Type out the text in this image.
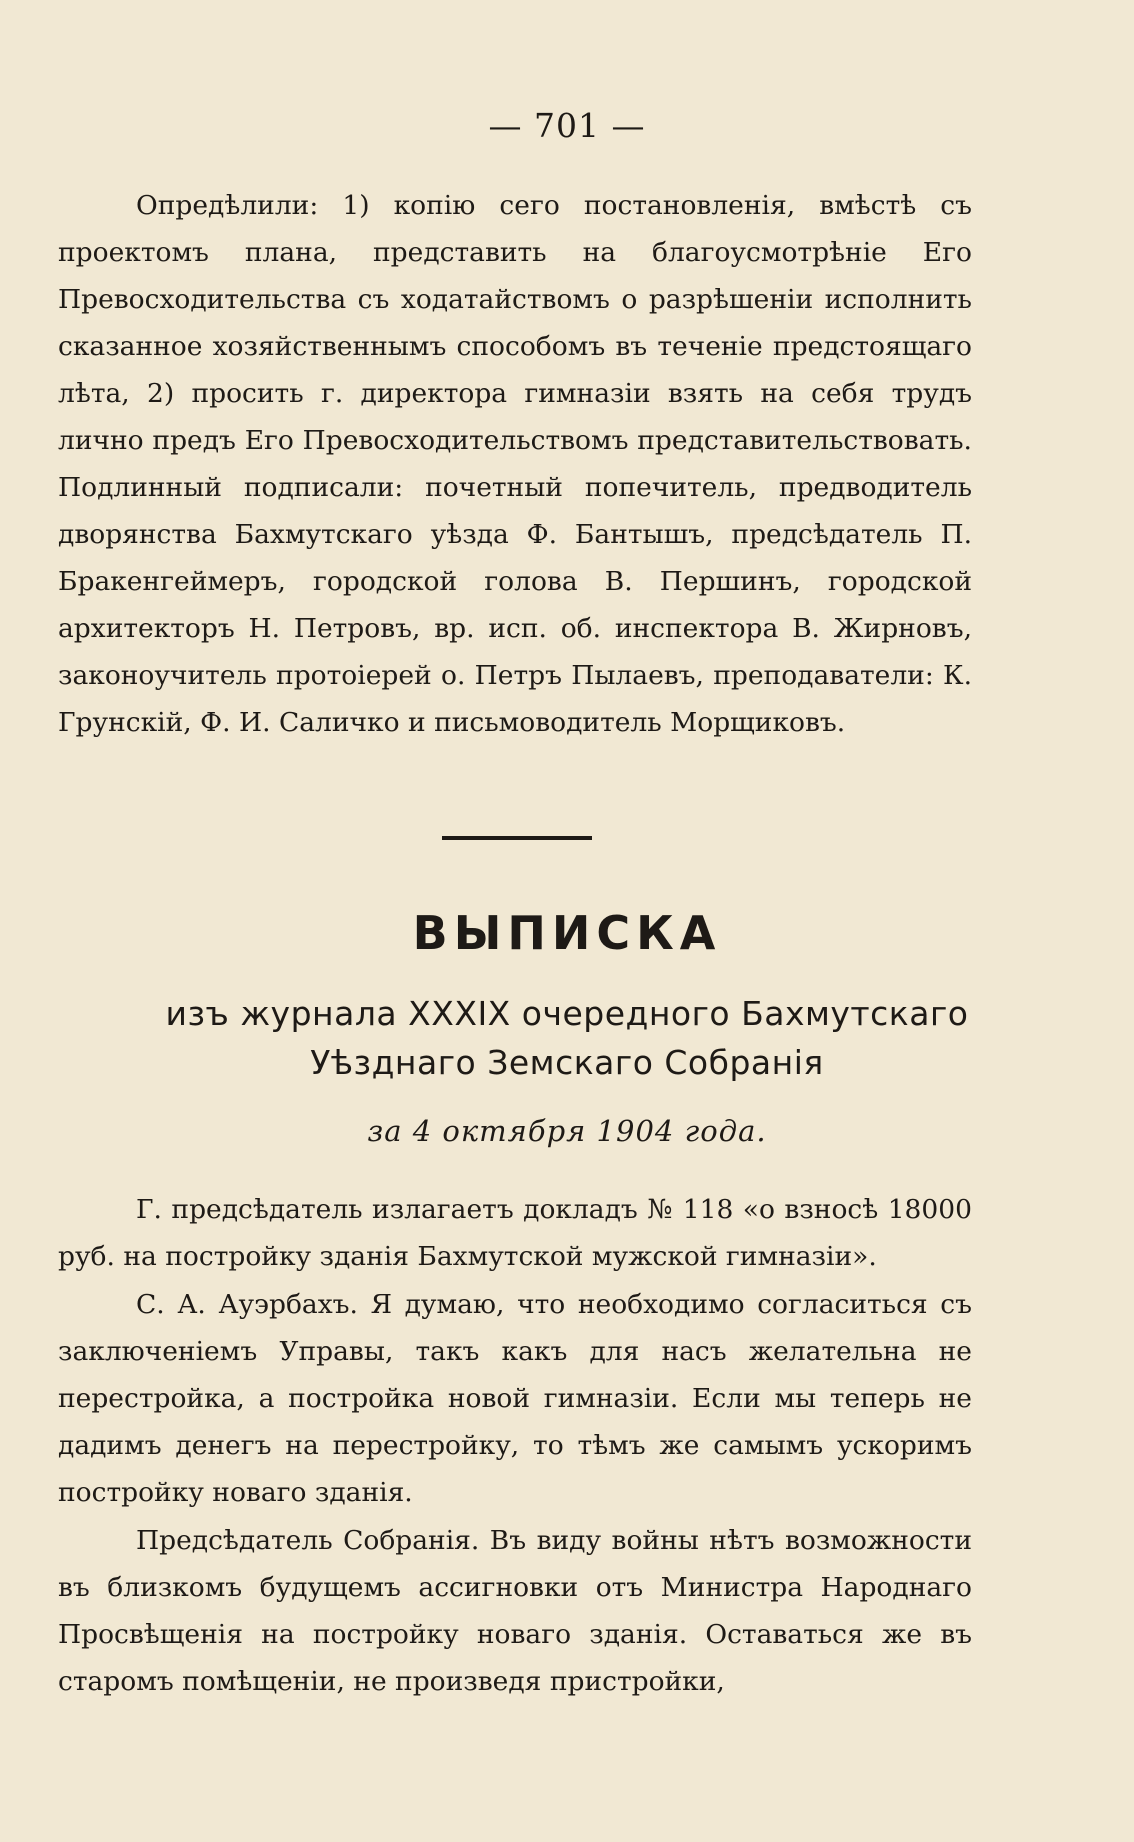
— 701 —

Опредѣлили: 1) копію сего постановленія, вмѣстѣ съ проектомъ плана, представить на благоусмотрѣніе Его Превосходительства съ ходатайствомъ о разрѣшеніи исполнить сказанное хозяйственнымъ способомъ въ теченіе предстоящаго лѣта, 2) просить г. директора гимназіи взять на себя трудъ лично предъ Его Превосходительствомъ представительствовать. Подлинный подписали: почетный попечитель, предводитель дворянства Бахмутскаго уѣзда Ф. Бантышъ, предсѣдатель П. Бракенгеймеръ, городской голова В. Першинъ, городской архитекторъ Н. Петровъ, вр. исп. об. инспектора В. Жирновъ, законоучитель протоіерей о. Петръ Пылаевъ, преподаватели: К. Грунскій, Ф. И. Саличко и письмоводитель Морщиковъ.

ВЫПИСКА
изъ журнала XXXIX очередного Бахмутскаго
Уѣзднаго Земскаго Собранія
за 4 октября 1904 года.

Г. предсѣдатель излагаетъ докладъ № 118 «о взносѣ 18000 руб. на постройку зданія Бахмутской мужской гимназіи».

С. А. Ауэрбахъ. Я думаю, что необходимо согласиться съ заключеніемъ Управы, такъ какъ для насъ желательна не перестройка, а постройка новой гимназіи. Если мы теперь не дадимъ денегъ на перестройку, то тѣмъ же самымъ ускоримъ постройку новаго зданія.

Предсѣдатель Собранія. Въ виду войны нѣтъ возможности въ близкомъ будущемъ ассигновки отъ Министра Народнаго Просвѣщенія на постройку новаго зданія. Оставаться же въ старомъ помѣщеніи, не произведя пристройки,
